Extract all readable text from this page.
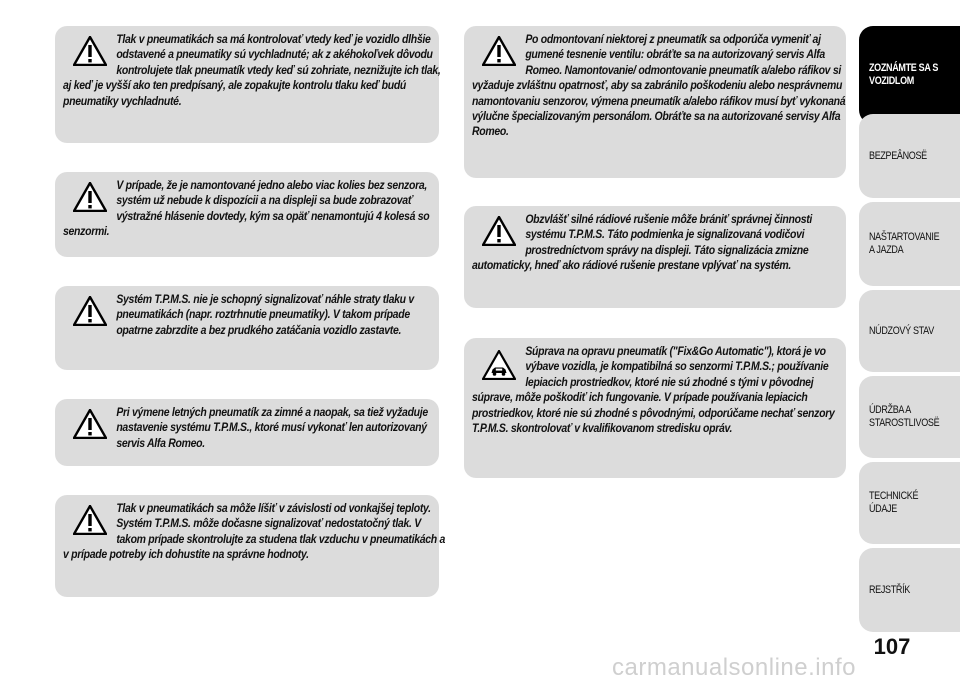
Tlak v pneumatikách sa má kontrolovať vtedy keď je vozidlo dlhšie odstavené a pneumatiky sú vychladnuté; ak z akéhokoľvek dôvodu kontrolujete tlak pneumatík vtedy keď sú zohriate, neznižujte ich tlak, aj keď je vyšší ako ten predpísaný, ale zopakujte kontrolu tlaku keď budú pneumatiky vychladnuté.
V prípade, že je namontované jedno alebo viac kolies bez senzora, systém už nebude k dispozícii a na displeji sa bude zobrazovať výstražné hlásenie dovtedy, kým sa opäť nenamontujú 4 kolesá so senzormi.
Systém T.P.M.S. nie je schopný signalizovať náhle straty tlaku v pneumatikách (napr. roztrhnutie pneumatiky). V takom prípade opatrne zabrzdite a bez prudkého zatáčania vozidlo zastavte.
Pri výmene letných pneumatík za zimné a naopak, sa tiež vyžaduje nastavenie systému T.P.M.S., ktoré musí vykonať len autorizovaný servis Alfa Romeo.
Tlak v pneumatikách sa môže líšiť v závislosti od vonkajšej teploty. Systém T.P.M.S. môže dočasne signalizovať nedostatočný tlak. V takom prípade skontrolujte za studena tlak vzduchu v pneumatikách a v prípade potreby ich dohustite na správne hodnoty.
Po odmontovaní niektorej z pneumatík sa odporúča vymeniť aj gumené tesnenie ventilu: obráťte sa na autorizovaný servis Alfa Romeo. Namontovanie/ odmontovanie pneumatík a/alebo ráfikov si vyžaduje zvláštnu opatrnosť, aby sa zabránilo poškodeniu alebo nesprávnemu namontovaniu senzorov, výmena pneumatík a/alebo ráfikov musí byť vykonaná výlučne špecializovaným personálom. Obráťte sa na autorizované servisy Alfa Romeo.
Obzvlášť silné rádiové rušenie môže brániť správnej činnosti systému T.P.M.S. Táto podmienka je signalizovaná vodičovi prostredníctvom správy na displeji. Táto signalizácia zmizne automaticky, hneď ako rádiové rušenie prestane vplývať na systém.
Súprava na opravu pneumatík ("Fix&Go Automatic"), ktorá je vo výbave vozidla, je kompatibilná so senzormi T.P.M.S.; používanie lepiacich prostriedkov, ktoré nie sú zhodné s tými v pôvodnej súprave, môže poškodiť ich fungovanie. V prípade používania lepiacich prostriedkov, ktoré nie sú zhodné s pôvodnými, odporúčame nechať senzory T.P.M.S. skontrolovať v kvalifikovanom stredisku opráv.
ZOZNÁMTE SA S VOZIDLOM
BEZPEÂNOSË
NAŠTARTOVANIE A JAZDA
NÚDZOVÝ STAV
ÚDRŽBA A STAROSTLIVOSË
TECHNICKÉ ÚDAJE
REJSTŘÍK
107
carmanualsonline.info
